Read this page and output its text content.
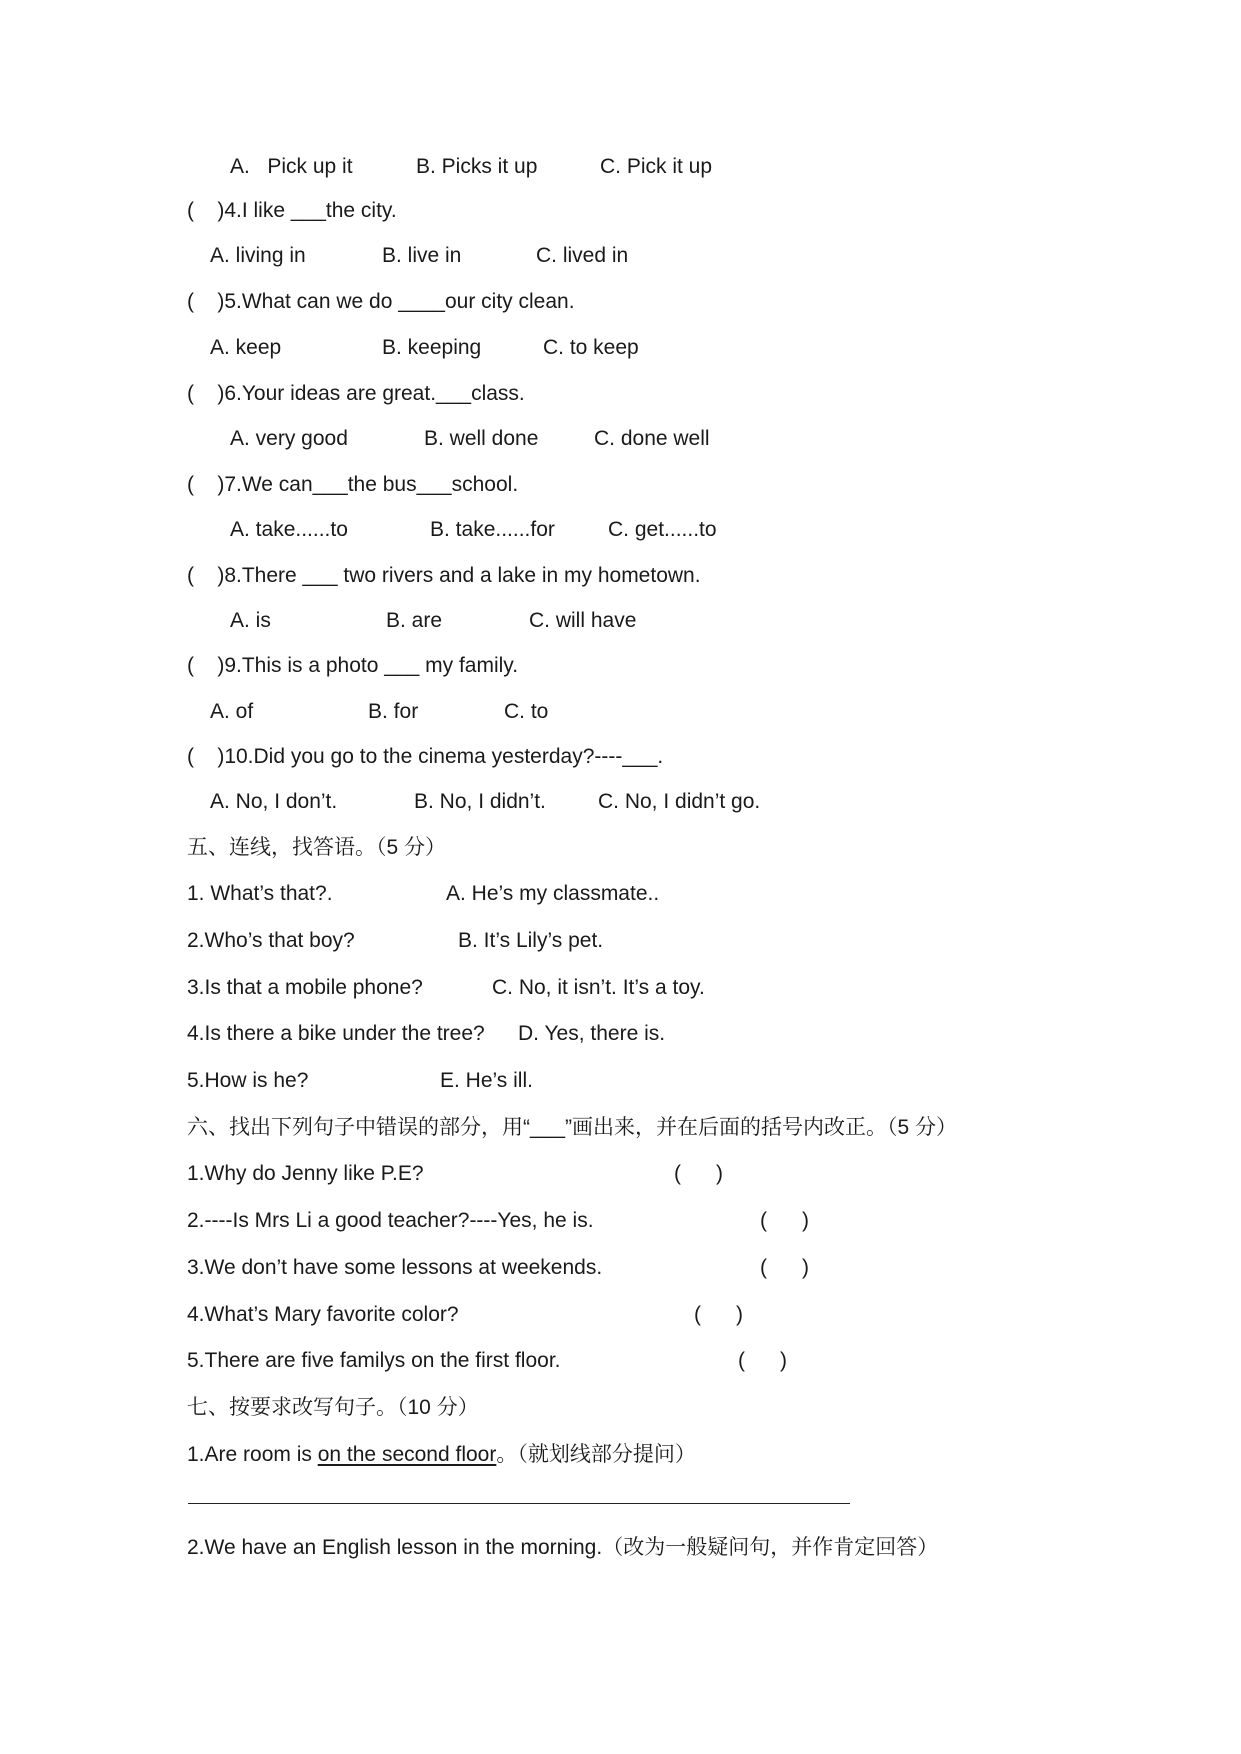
A.   Pick up it	B. Picks it up	C. Pick it up
(    )4.I like ___the city.
A. living in	B. live in	C. lived in
(    )5.What can we do ____our city clean.
A. keep	B. keeping	C. to keep
(    )6.Your ideas are great.___class.
A. very good	B. well done	C. done well
(    )7.We can___the bus___school.
A. take......to	B. take......for	C. get......to
(    )8.There ___ two rivers and a lake in my hometown.
A. is	B. are	C. will have
(    )9.This is a photo ___ my family.
A. of	B. for	C. to
(    )10.Did you go to the cinema yesterday?----___.
A. No, I don’t.	B. No, I didn’t. C. No, I didn’t go.
五、连线，找答语。（5 分）
1. What’s that?.	A. He’s my classmate..
2.Who’s that boy?	B. It’s Lily’s pet.
3.Is that a mobile phone?	C. No, it isn’t. It’s a toy.
4.Is there a bike under the tree? D. Yes, there is.
5.How is he?	E. He’s ill.
六、找出下列句子中错误的部分，用“___”画出来，并在后面的括号内改正。（5 分）
1.Why do Jenny like P.E?	(      )
2.----Is Mrs Li a good teacher?----Yes, he is.	(      )
3.We don’t have some lessons at weekends.	(      )
4.What’s Mary favorite color?	(      )
5.There are five familys on the first floor.	(      )
七、按要求改写句子。（10 分）
1.Are room is on the second floor。（就划线部分提问）
2.We have an English lesson in the morning.（改为一般疑问句，并作肯定回答）
